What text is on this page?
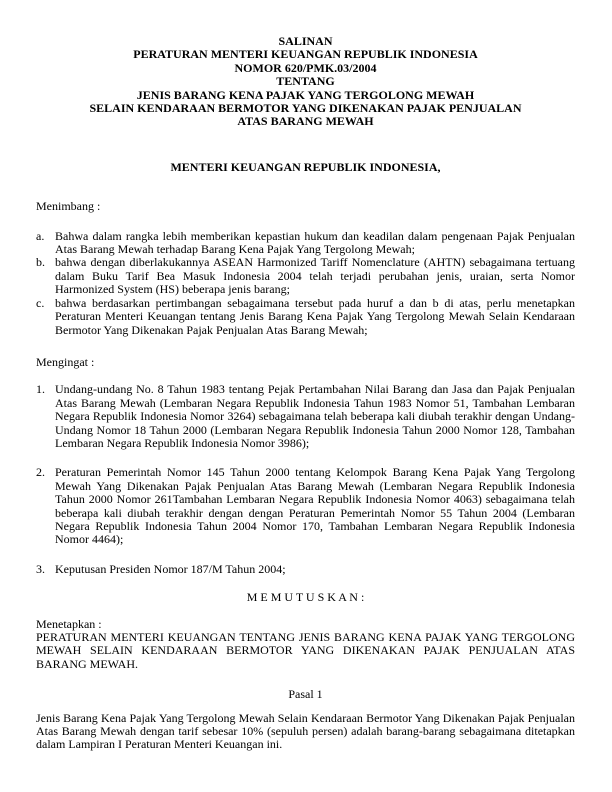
SALINAN
PERATURAN MENTERI KEUANGAN REPUBLIK INDONESIA
NOMOR 620/PMK.03/2004
TENTANG
JENIS BARANG KENA PAJAK YANG TERGOLONG MEWAH
SELAIN KENDARAAN BERMOTOR YANG DIKENAKAN PAJAK PENJUALAN
ATAS BARANG MEWAH
MENTERI KEUANGAN REPUBLIK INDONESIA,
Menimbang :
a. Bahwa dalam rangka lebih memberikan kepastian hukum dan keadilan dalam pengenaan Pajak Penjualan Atas Barang Mewah terhadap Barang Kena Pajak Yang Tergolong Mewah;
b. bahwa dengan diberlakukannya ASEAN Harmonized Tariff Nomenclature (AHTN) sebagaimana tertuang dalam Buku Tarif Bea Masuk Indonesia 2004 telah terjadi perubahan jenis, uraian, serta Nomor Harmonized System (HS) beberapa jenis barang;
c. bahwa berdasarkan pertimbangan sebagaimana tersebut pada huruf a dan b di atas, perlu menetapkan Peraturan Menteri Keuangan tentang Jenis Barang Kena Pajak Yang Tergolong Mewah Selain Kendaraan Bermotor Yang Dikenakan Pajak Penjualan Atas Barang Mewah;
Mengingat :
1. Undang-undang No. 8 Tahun 1983 tentang Pejak Pertambahan Nilai Barang dan Jasa dan Pajak Penjualan Atas Barang Mewah (Lembaran Negara Republik Indonesia Tahun 1983 Nomor 51, Tambahan Lembaran Negara Republik Indonesia Nomor 3264) sebagaimana telah beberapa kali diubah terakhir dengan Undang-Undang Nomor 18 Tahun 2000 (Lembaran Negara Republik Indonesia Tahun 2000 Nomor 128, Tambahan Lembaran Negara Republik Indonesia Nomor 3986);
2. Peraturan Pemerintah Nomor 145 Tahun 2000 tentang Kelompok Barang Kena Pajak Yang Tergolong Mewah Yang Dikenakan Pajak Penjualan Atas Barang Mewah (Lembaran Negara Republik Indonesia Tahun 2000 Nomor 261Tambahan Lembaran Negara Republik Indonesia Nomor 4063) sebagaimana telah beberapa kali diubah terakhir dengan dengan Peraturan Pemerintah Nomor 55 Tahun 2004 (Lembaran Negara Republik Indonesia Tahun 2004 Nomor 170, Tambahan Lembaran Negara Republik Indonesia Nomor 4464);
3. Keputusan Presiden Nomor 187/M Tahun 2004;
M E M U T U S K A N :
Menetapkan :
PERATURAN MENTERI KEUANGAN TENTANG JENIS BARANG KENA PAJAK YANG TERGOLONG MEWAH SELAIN KENDARAAN BERMOTOR YANG DIKENAKAN PAJAK PENJUALAN ATAS BARANG MEWAH.
Pasal 1
Jenis Barang Kena Pajak Yang Tergolong Mewah Selain Kendaraan Bermotor Yang Dikenakan Pajak Penjualan Atas Barang Mewah dengan tarif sebesar 10% (sepuluh persen) adalah barang-barang sebagaimana ditetapkan dalam Lampiran I Peraturan Menteri Keuangan ini.
